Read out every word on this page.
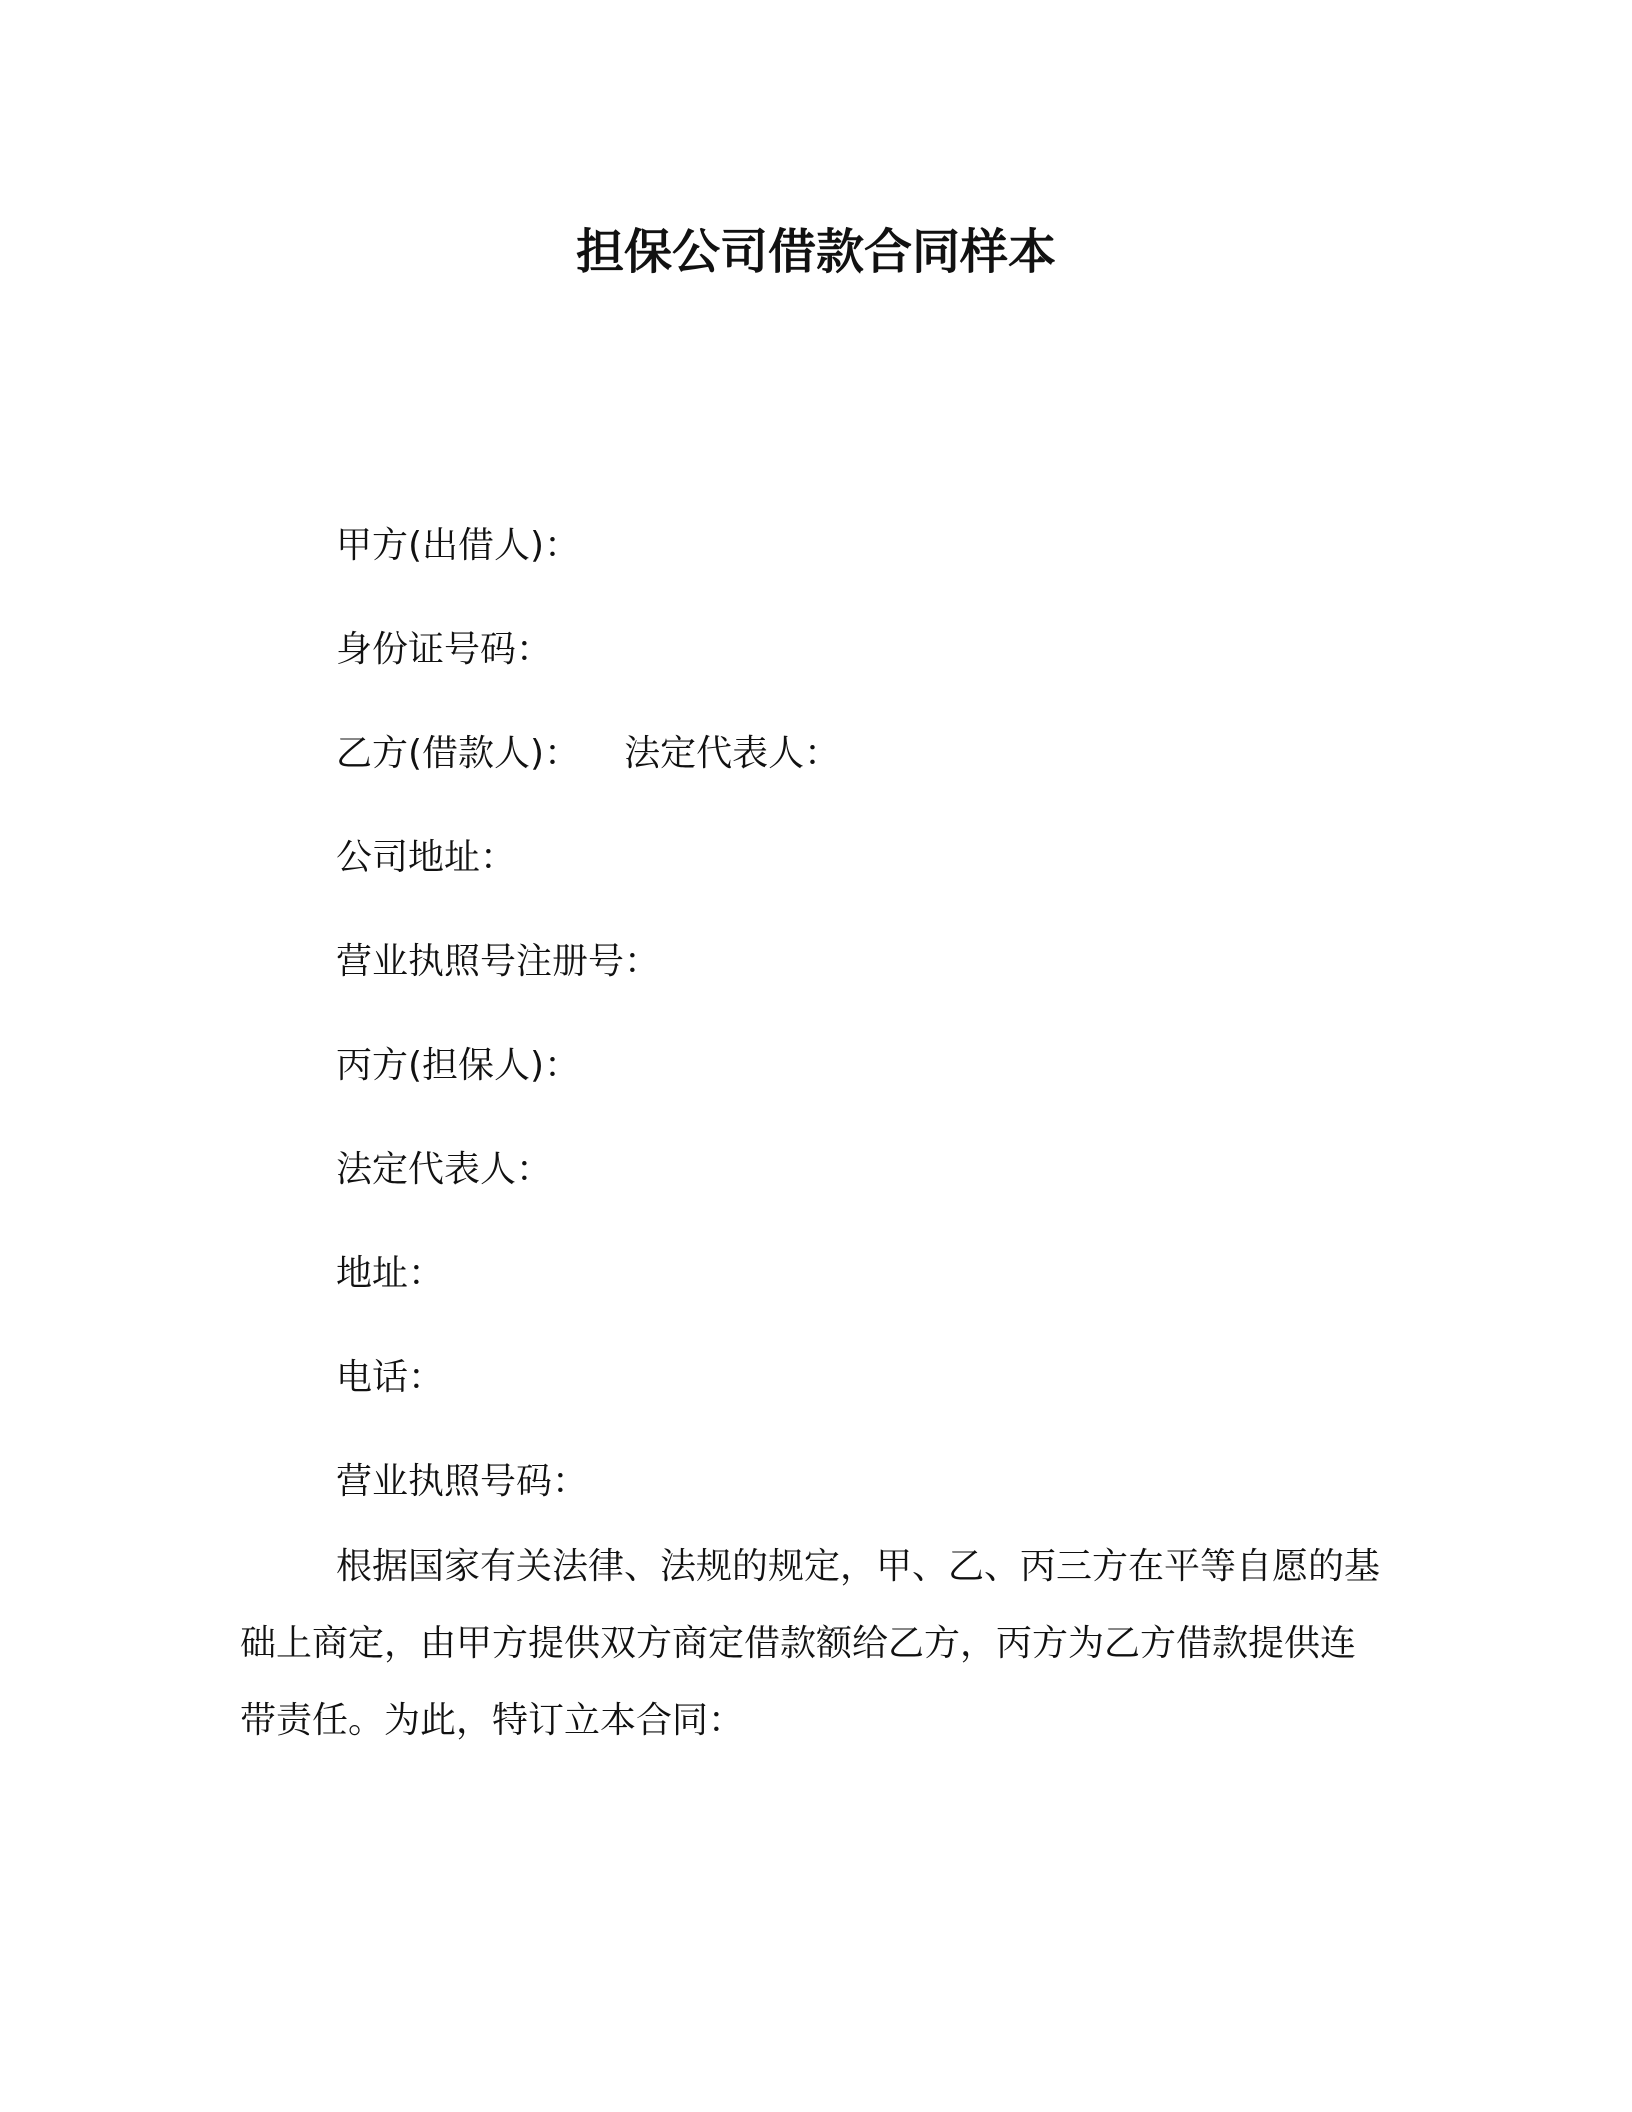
担保公司借款合同样本
甲方(出借人)：
身份证号码：
乙方(借款人)： 法定代表人：
公司地址：
营业执照号注册号：
丙方(担保人)：
法定代表人：
地址：
电话：
营业执照号码：

根据国家有关法律、法规的规定，甲、乙、丙三方在平等自愿的基础上商定，由甲方提供双方商定借款额给乙方，丙方为乙方借款提供连带责任。为此，特订立本合同：
